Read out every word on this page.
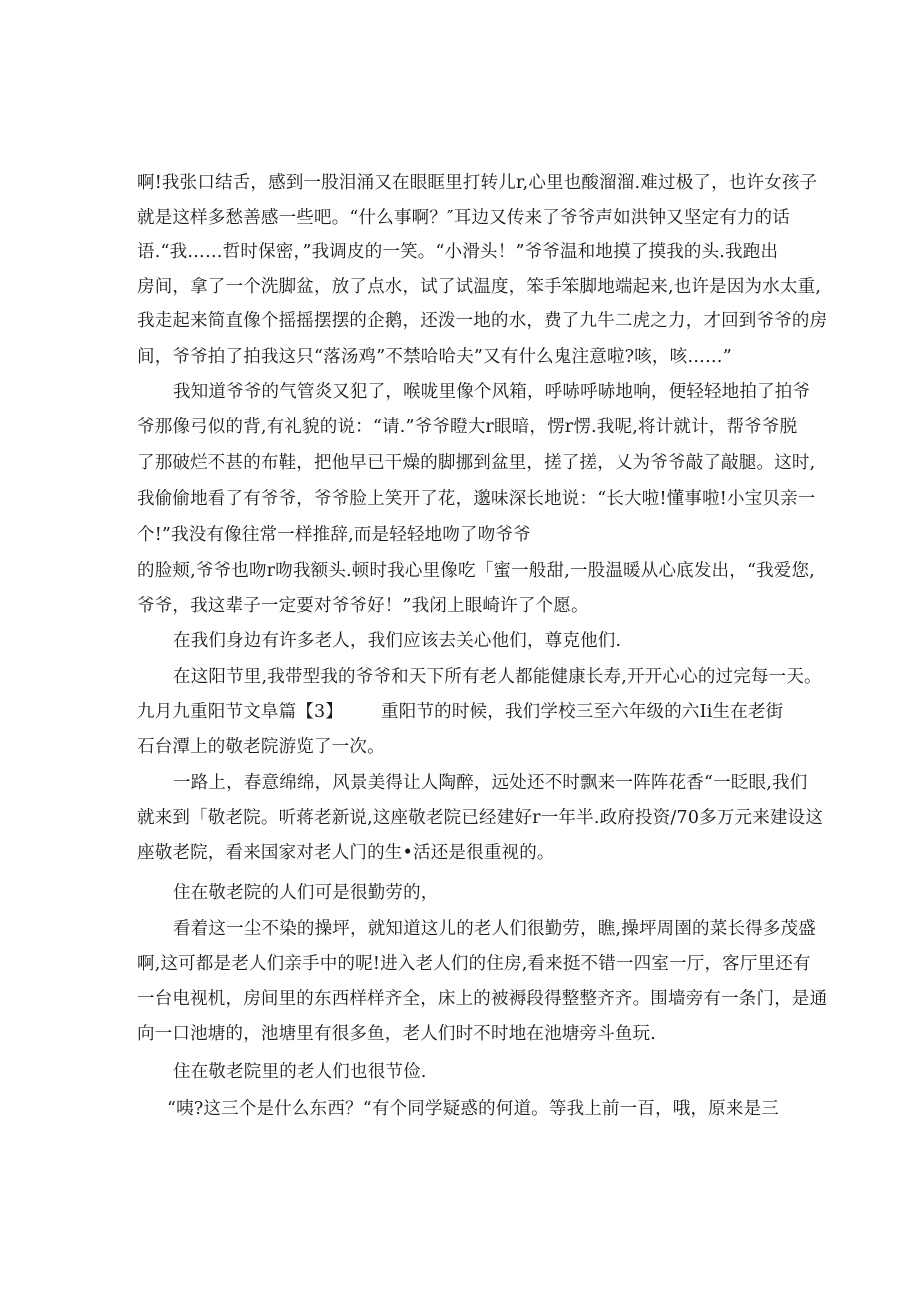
啊!我张口结舌，感到一股泪涌又在眼眶里打转儿r,心里也酸溜溜.难过极了，也许女孩子
就是这样多愁善感一些吧。“什么事啊？″耳边又传来了爷爷声如洪钟又坚定有力的话
语.“我……哲时保密，”我调皮的一笑。“小滑头！”爷爷温和地摸了摸我的头.我跑出
房间，拿了一个洗脚盆，放了点水，试了试温度，笨手笨脚地端起来,也许是因为水太重,
我走起来简直像个摇摇摆摆的企鹅，还泼一地的水，费了九牛二虎之力，才回到爷爷的房
间，爷爷拍了拍我这只“落汤鸡”不禁哈哈夫”又有什么鬼注意啦?咳，咳……”
我知道爷爷的气管炎又犯了，喉咙里像个风箱，呼哧呼哧地响，便轻轻地拍了拍爷
爷那像弓似的背,有礼貌的说：“请.”爷爷瞪大r眼暗，愣r愣.我呢,将计就计，帮爷爷脱
了那破烂不甚的布鞋，把他早已干燥的脚挪到盆里，搓了搓，乂为爷爷敲了敲腿。这时,
我偷偷地看了有爷爷，爷爷脸上笑开了花，邈味深长地说：“长大啦!懂事啦!小宝贝亲一
个!”我没有像往常一样推辞,而是轻轻地吻了吻爷爷
的脸颊,爷爷也吻r吻我额头.顿时我心里像吃「蜜一般甜,一股温暖从心底发出，“我爱您,
爷爷，我这辈子一定要对爷爷好！”我闭上眼崎许了个愿。
在我们身边有许多老人，我们应该去关心他们，尊克他们.
在这阳节里,我带型我的爷爷和天下所有老人都能健康长寿,开开心心的过完每一天。
九月九重阳节文阜篇【3】 重阳节的时候，我们学校三至六年级的六Ii生在老街
石台潭上的敬老院游览了一次。
一路上，春意绵绵，风景美得让人陶醉，远处还不时飘来一阵阵花香“一眨眼,我们
就来到「敬老院。听蒋老新说,这座敬老院已经建好r一年半.政府投资/70多万元来建设这
座敬老院，看来国家对老人门的生•活还是很重视的。
住在敬老院的人们可是很勤劳的，
看着这一尘不染的操坪，就知道这儿的老人们很勤劳，瞧,操坪周圉的菜长得多茂盛
啊,这可都是老人们亲手中的呢!进入老人们的住房,看来挺不错一四室一厅，客厅里还有
一台电视机，房间里的东西样样齐全，床上的被褥段得整整齐齐。围墙旁有一条门，是通
向一口池塘的，池塘里有很多鱼，老人们时不时地在池塘旁斗鱼玩.
住在敬老院里的老人们也很节俭.
“咦?这三个是什么东西？“有个同学疑惑的何道。等我上前一百，哦，原来是三
